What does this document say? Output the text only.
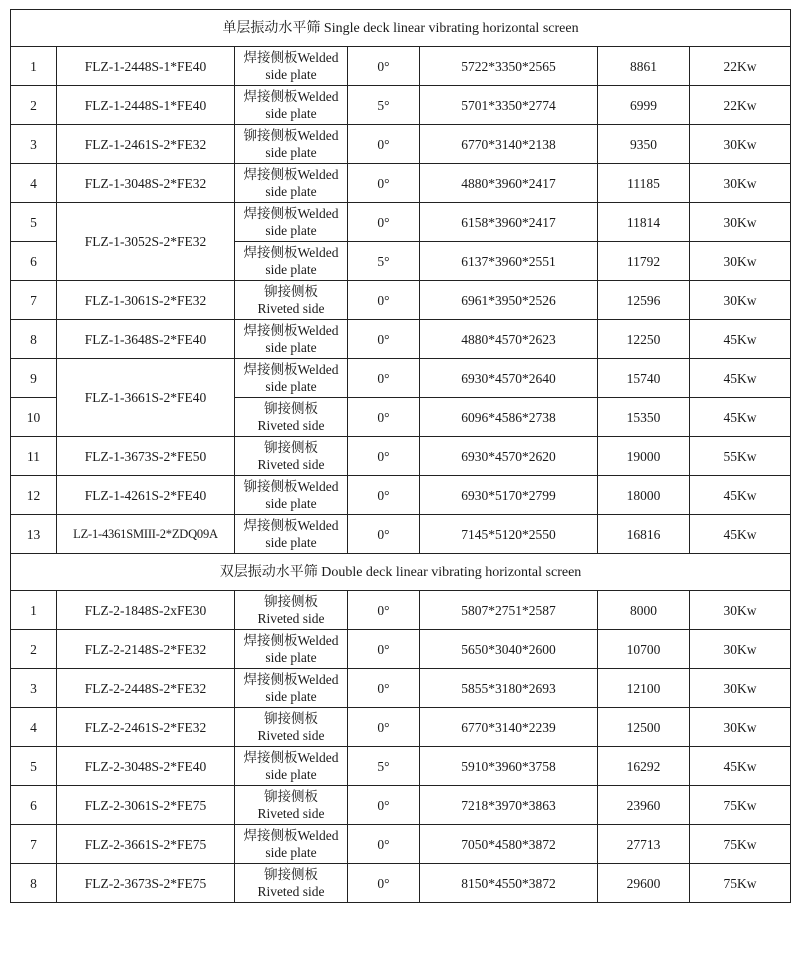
单层振动水平筛 Single deck linear vibrating horizontal screen						
1	FLZ-1-2448S-1*FE40	焊接侧板Welded
side plate	0°	5722*3350*2565	8861	22Kw
2	FLZ-1-2448S-1*FE40	焊接侧板Welded
side plate	5°	5701*3350*2774	6999	22Kw
3	FLZ-1-2461S-2*FE32	铆接侧板Welded
side plate	0°	6770*3140*2138	9350	30Kw
4	FLZ-1-3048S-2*FE32	焊接侧板Welded
side plate	0°	4880*3960*2417	11185	30Kw
5	FLZ-1-3052S-2*FE32	焊接侧板Welded
side plate	0°	6158*3960*2417	11814	30Kw
6		焊接侧板Welded
side plate	5°	6137*3960*2551	11792	30Kw
7	FLZ-1-3061S-2*FE32	铆接侧板
Riveted side	0°	6961*3950*2526	12596	30Kw
8	FLZ-1-3648S-2*FE40	焊接侧板Welded
side plate	0°	4880*4570*2623	12250	45Kw
9	FLZ-1-3661S-2*FE40	焊接侧板Welded
side plate	0°	6930*4570*2640	15740	45Kw
10		铆接侧板
Riveted side	0°	6096*4586*2738	15350	45Kw
11	FLZ-1-3673S-2*FE50	铆接侧板
Riveted side	0°	6930*4570*2620	19000	55Kw
12	FLZ-1-4261S-2*FE40	铆接侧板Welded
side plate	0°	6930*5170*2799	18000	45Kw
13	LZ-1-4361SMIII-2*ZDQ09A	焊接侧板Welded
side plate	0°	7145*5120*2550	16816	45Kw
双层振动水平筛 Double deck linear vibrating horizontal screen						
1	FLZ-2-1848S-2xFE30	铆接侧板
Riveted side	0°	5807*2751*2587	8000	30Kw
2	FLZ-2-2148S-2*FE32	焊接侧板Welded
side plate	0°	5650*3040*2600	10700	30Kw
3	FLZ-2-2448S-2*FE32	焊接侧板Welded
side plate	0°	5855*3180*2693	12100	30Kw
4	FLZ-2-2461S-2*FE32	铆接侧板
Riveted side	0°	6770*3140*2239	12500	30Kw
5	FLZ-2-3048S-2*FE40	焊接侧板Welded
side plate	5°	5910*3960*3758	16292	45Kw
6	FLZ-2-3061S-2*FE75	铆接侧板
Riveted side	0°	7218*3970*3863	23960	75Kw
7	FLZ-2-3661S-2*FE75	焊接侧板Welded
side plate	0°	7050*4580*3872	27713	75Kw
8	FLZ-2-3673S-2*FE75	铆接侧板
Riveted side	0°	8150*4550*3872	29600	75Kw
